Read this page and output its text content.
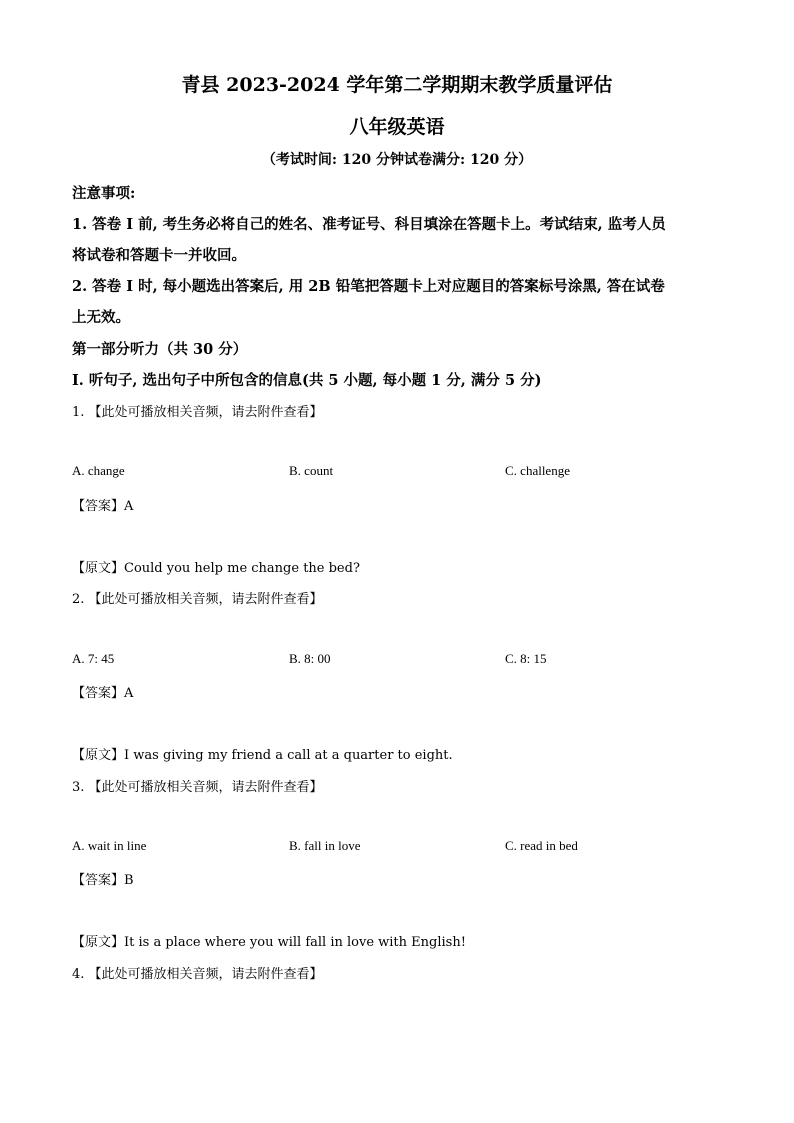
青县 2023-2024 学年第二学期期末教学质量评估
八年级英语
（考试时间: 120 分钟试卷满分: 120 分）
注意事项:
1. 答卷 I 前, 考生务必将自己的姓名、准考证号、科目填涂在答题卡上。考试结束, 监考人员
将试卷和答题卡一并收回。
2. 答卷 I 时, 每小题选出答案后, 用 2B 铅笔把答题卡上对应题目的答案标号涂黑, 答在试卷
上无效。
第一部分听力（共 30 分）
I. 听句子, 选出句子中所包含的信息(共 5 小题, 每小题 1 分, 满分 5 分)
1. 【此处可播放相关音频，请去附件查看】
A. change	B. count	C. challenge
【答案】A
【原文】Could you help me change the bed?
2. 【此处可播放相关音频，请去附件查看】
A. 7: 45	B. 8: 00	C. 8: 15
【答案】A
【原文】I was giving my friend a call at a quarter to eight.
3. 【此处可播放相关音频，请去附件查看】
A. wait in line	B. fall in love	C. read in bed
【答案】B
【原文】It is a place where you will fall in love with English!
4. 【此处可播放相关音频，请去附件查看】
